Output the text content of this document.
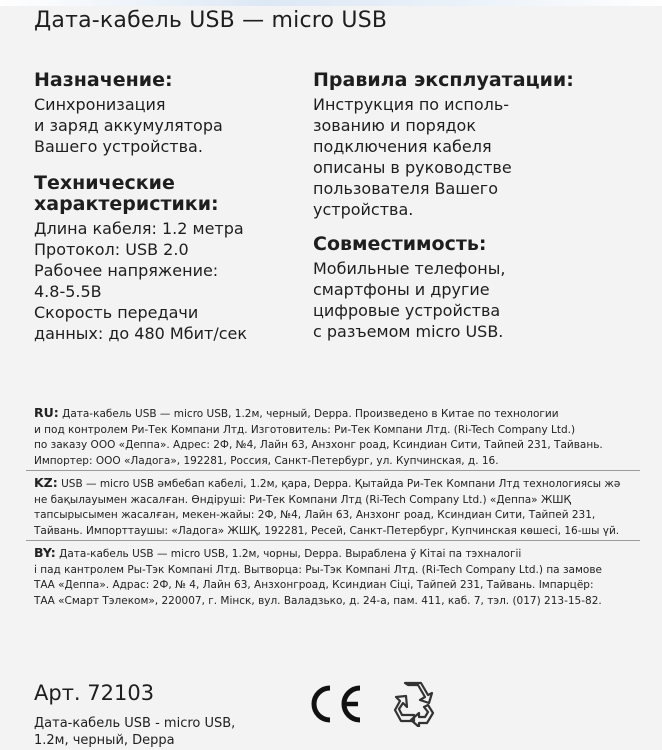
Дата-кабель USB — micro USB

Назначение:

Синхронизация
и заряд аккумулятора
Вашего устройства.

Технические
характеристики:

Длина кабеля: 1.2 метра
Протокол: USB 2.0
Рабочее напряжение:
4.8-5.5В
Скорость передачи
данных: до 480 Мбит/сек

Правила эксплуатации:

Инструкция по исполь-
зованию и порядок
подключения кабеля
описаны в руководстве
пользователя Вашего
устройства.

Совместимость:

Мобильные телефоны,
смартфоны и другие
цифровые устройства
с разъемом micro USB.

RU: Дата-кабель USB — micro USB, 1.2м, черный, Deppa. Произведено в Китае по технологии
и под контролем Ри-Тек Компани Лтд. Изготовитель: Ри-Тек Компани Лтд. (Ri-Tech Company Ltd.)
по заказу ООО «Деппа». Адрес: 2Ф, №4, Лайн 63, Анзхонг роад, Ксиндиан Сити, Тайпей 231, Тайвань.
Импортер: ООО «Ладога», 192281, Россия, Санкт-Петербург, ул. Купчинская, д. 16.
KZ: USB — micro USB әмбебап кабелі, 1.2м, қара, Deppa. Қытайда Ри-Тек Компани Лтд технологиясы жә
не бақылауымен жасалған. Өндіруші: Ри-Тек Компани Лтд (Ri-Tech Company Ltd.) «Деппа» ЖШҚ
тапсырысымен жасалған, мекен-жайы: 2Ф, №4, Лайн 63, Анзхонг роад, Ксиндиан Сити, Тайпей 231,
Тайвань. Импорттаушы: «Ладога» ЖШҚ, 192281, Ресей, Санкт-Петербург, Купчинская көшесі, 16-шы үй.
BY: Дата-кабель USB — micro USB, 1.2м, чорны, Deppa. Выраблена ў Кітаі па тэхналогіі
і пад кантролем Ры-Тэк Компані Лтд. Вытворца: Ры-Тэк Компані Лтд. (Ri-Tech Company Ltd.) па замове
ТАА «Деппа». Адрас: 2Ф, № 4, Лайн 63, Анзхонгроад, Ксиндиан Сіці, Тайпей 231, Тайвань. Імпарцёр:
ТАА «Смарт Тэлеком», 220007, г. Мінск, вул. Валадзько, д. 24-а, пам. 411, каб. 7, тэл. (017) 213-15-82.
Арт. 72103
Дата-кабель USB - micro USB,
1.2м, черный, Deppa
